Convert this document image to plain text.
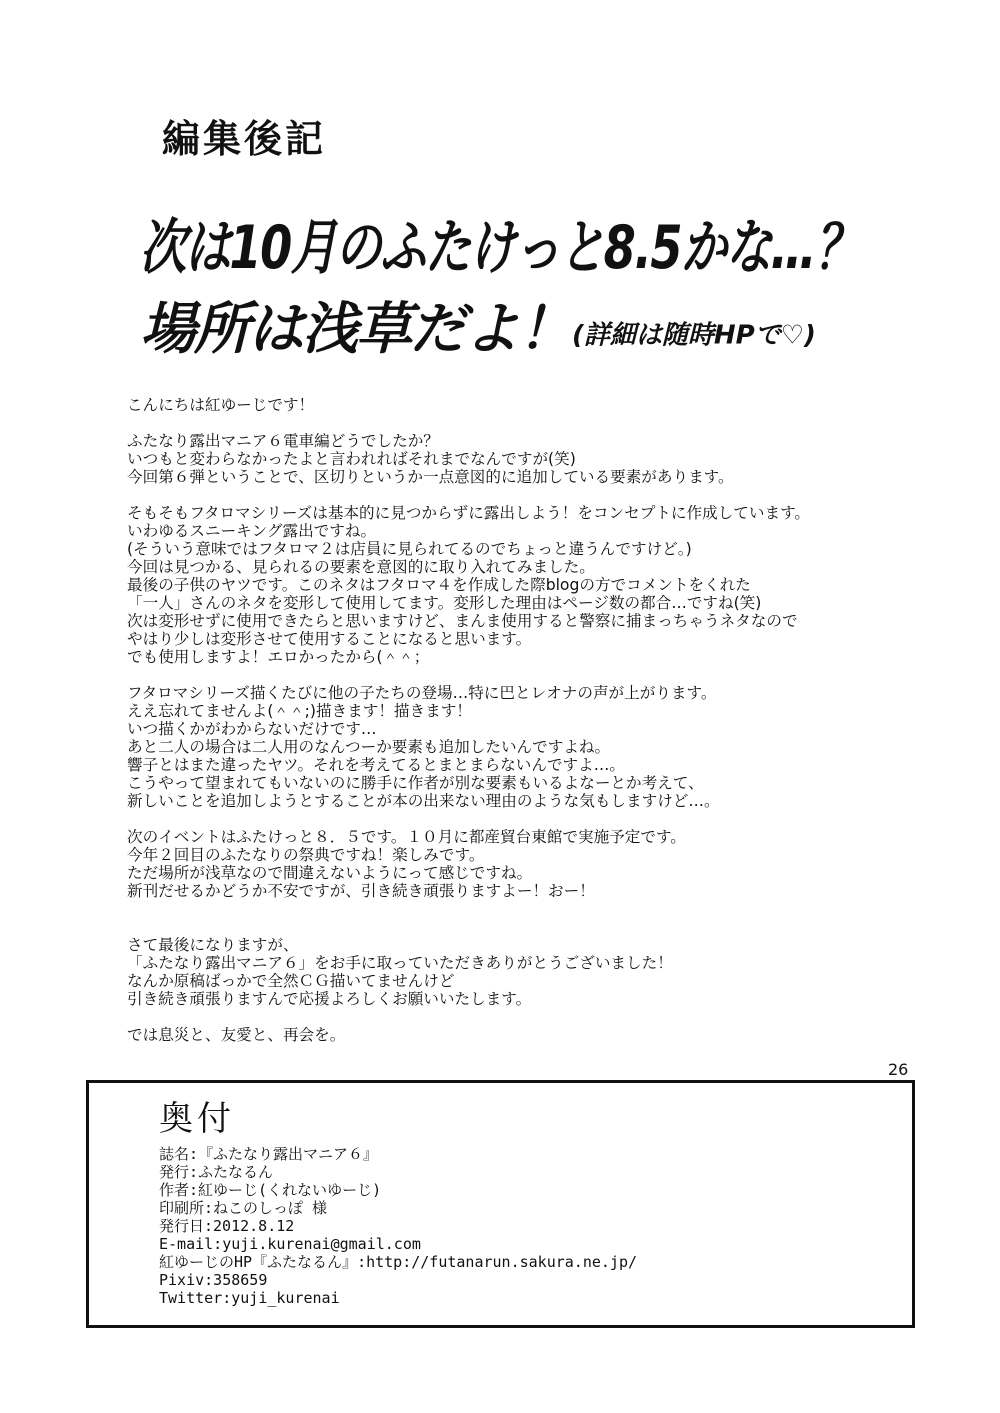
編集後記
次は10月のふたけっと8.5かな…？
場所は浅草だよ！(詳細は随時HPで♡)
こんにちは紅ゆーじです！
ふたなり露出マニア６電車編どうでしたか？
いつもと変わらなかったよと言われればそれまでなんですが(笑)
今回第６弾ということで、区切りというか一点意図的に追加している要素があります。
そもそもフタロマシリーズは基本的に見つからずに露出しよう！をコンセプトに作成しています。
いわゆるスニーキング露出ですね。
(そういう意味ではフタロマ２は店員に見られてるのでちょっと違うんですけど。)
今回は見つかる、見られるの要素を意図的に取り入れてみました。
最後の子供のヤツです。このネタはフタロマ４を作成した際blogの方でコメントをくれた
「一人」さんのネタを変形して使用してます。変形した理由はページ数の都合…ですね(笑)
次は変形せずに使用できたらと思いますけど、まんま使用すると警察に捕まっちゃうネタなので
やはり少しは変形させて使用することになると思います。
でも使用しますよ！エロかったから(＾＾；
フタロマシリーズ描くたびに他の子たちの登場…特に巴とレオナの声が上がります。
ええ忘れてませんよ(＾＾;)描きます！描きます！
いつ描くかがわからないだけです…
あと二人の場合は二人用のなんつーか要素も追加したいんですよね。
響子とはまた違ったヤツ。それを考えてるとまとまらないんですよ…。
こうやって望まれてもいないのに勝手に作者が別な要素もいるよなーとか考えて、
新しいことを追加しようとすることが本の出来ない理由のような気もしますけど…。
次のイベントはふたけっと８．５です。１０月に都産貿台東館で実施予定です。
今年２回目のふたなりの祭典ですね！楽しみです。
ただ場所が浅草なので間違えないようにって感じですね。
新刊だせるかどうか不安ですが、引き続き頑張りますよー！おー！
さて最後になりますが、
「ふたなり露出マニア６」をお手に取っていただきありがとうございました！
なんか原稿ばっかで全然ＣＧ描いてませんけど
引き続き頑張りますんで応援よろしくお願いいたします。
では息災と、友愛と、再会を。
26
奥付
誌名:『ふたなり露出マニア６』
発行:ふたなるん
作者:紅ゆーじ(くれないゆーじ)
印刷所:ねこのしっぽ 様
発行日:2012.8.12
E-mail:yuji.kurenai@gmail.com
紅ゆーじのHP『ふたなるん』:http://futanarun.sakura.ne.jp/
Pixiv:358659
Twitter:yuji_kurenai
